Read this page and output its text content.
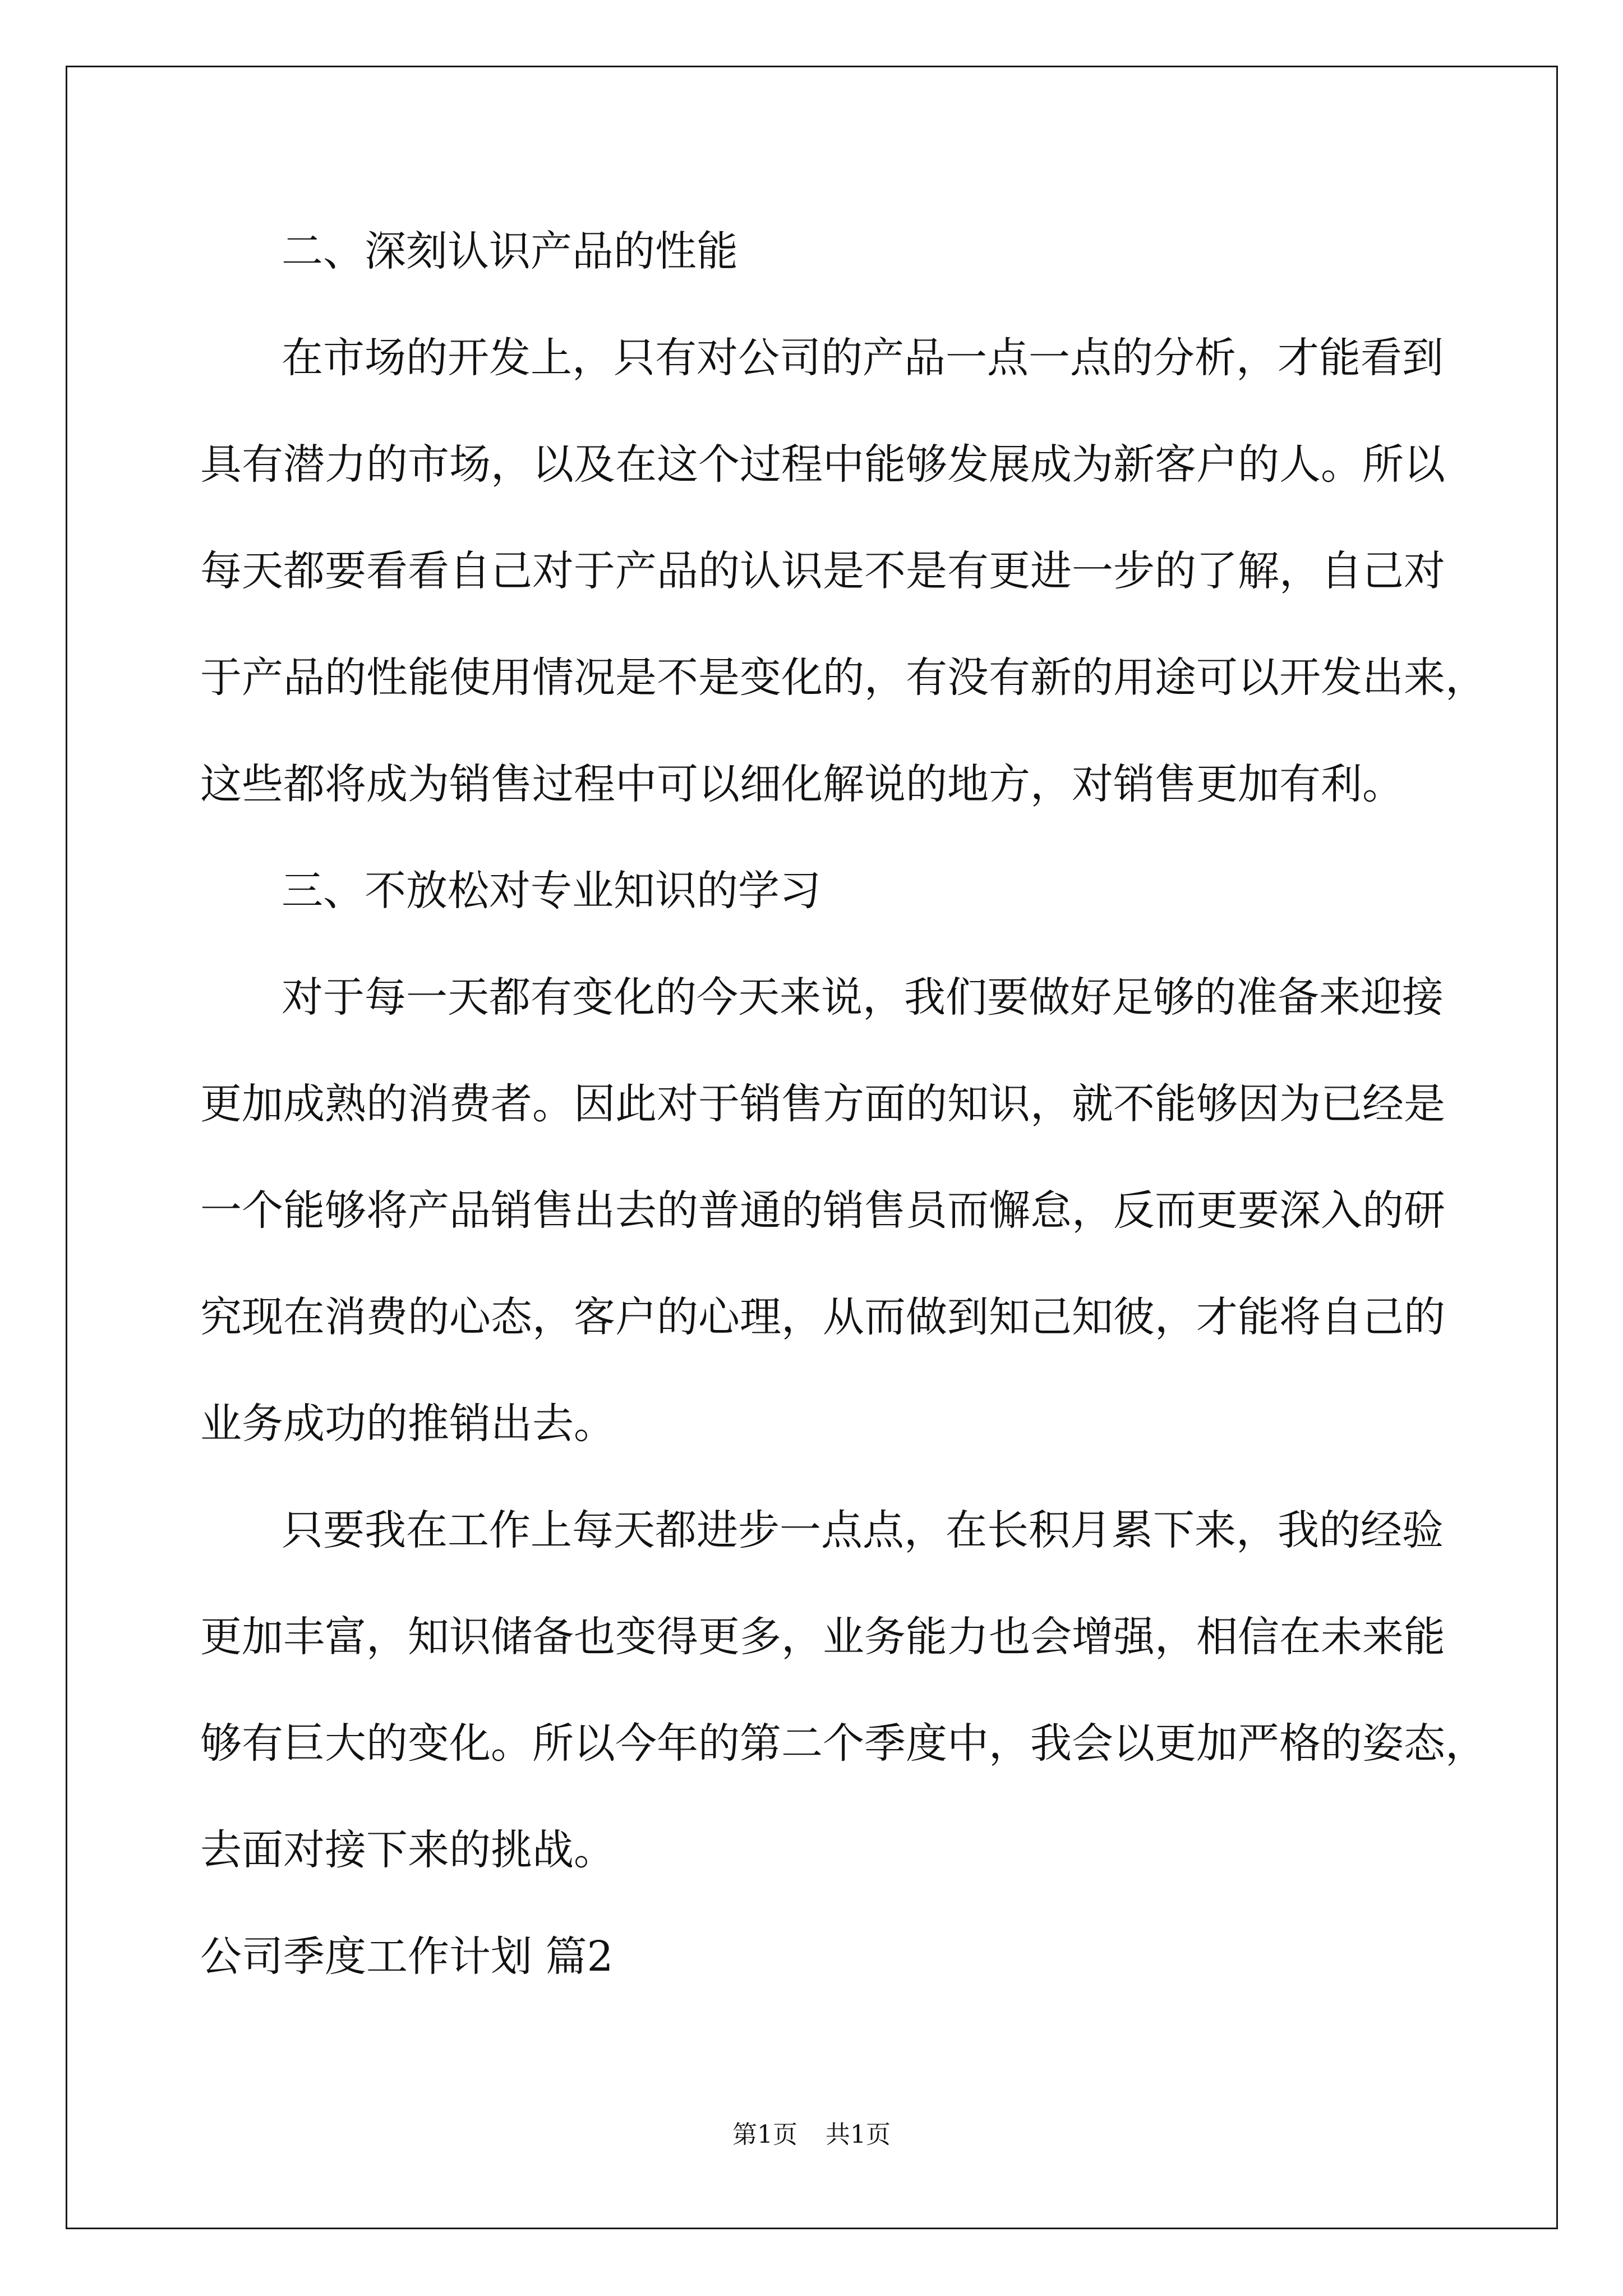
二、深刻认识产品的性能

在市场的开发上，只有对公司的产品一点一点的分析，才能看到

具有潜力的市场，以及在这个过程中能够发展成为新客户的人。所以

每天都要看看自己对于产品的认识是不是有更进一步的了解，自己对

于产品的性能使用情况是不是变化的，有没有新的用途可以开发出来，

这些都将成为销售过程中可以细化解说的地方，对销售更加有利。

三、不放松对专业知识的学习

对于每一天都有变化的今天来说，我们要做好足够的准备来迎接

更加成熟的消费者。因此对于销售方面的知识，就不能够因为已经是

一个能够将产品销售出去的普通的销售员而懈怠，反而更要深入的研

究现在消费的心态，客户的心理，从而做到知己知彼，才能将自己的

业务成功的推销出去。

只要我在工作上每天都进步一点点，在长积月累下来，我的经验

更加丰富，知识储备也变得更多，业务能力也会增强，相信在未来能

够有巨大的变化。所以今年的第二个季度中，我会以更加严格的姿态，

去面对接下来的挑战。

公司季度工作计划 篇2

第1页 共1页
